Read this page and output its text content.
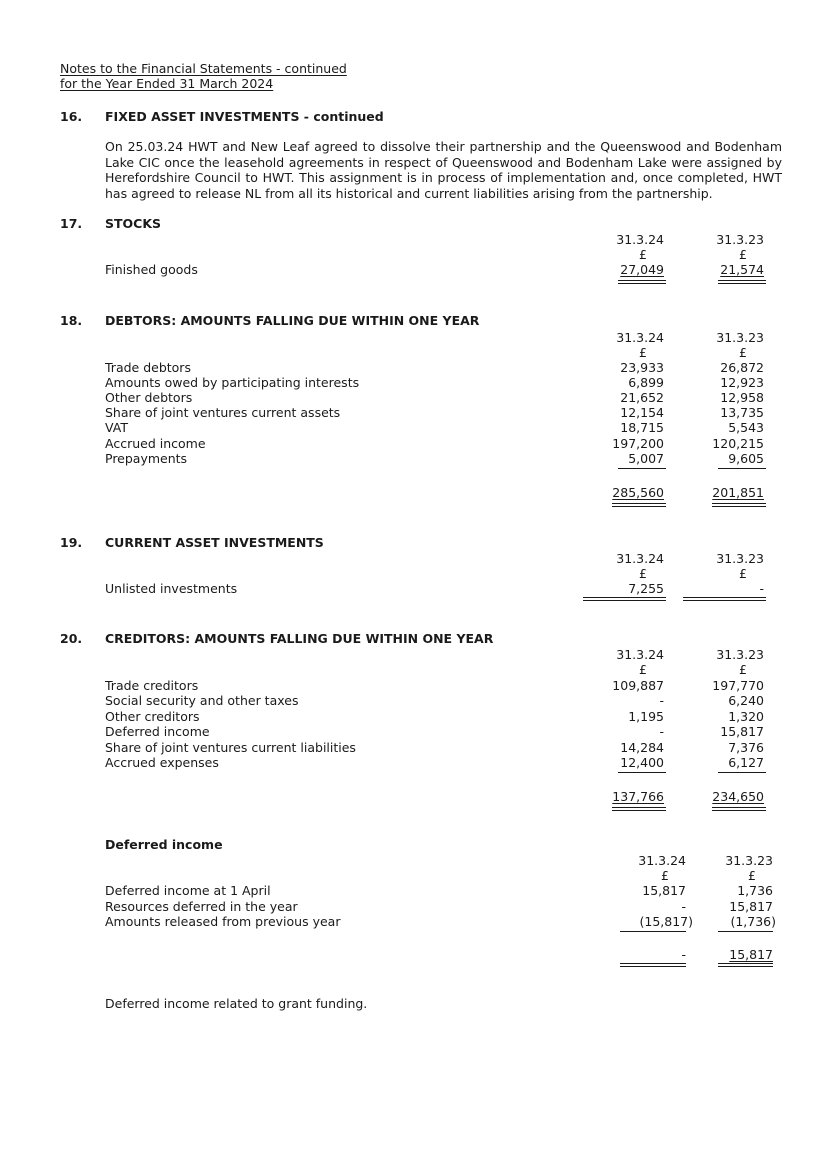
Notes to the Financial Statements - continued
for the Year Ended 31 March 2024
16. FIXED ASSET INVESTMENTS - continued
On 25.03.24 HWT and New Leaf agreed to dissolve their partnership and the Queenswood and Bodenham Lake CIC once the leasehold agreements in respect of Queenswood and Bodenham Lake were assigned by Herefordshire Council to HWT. This assignment is in process of implementation and, once completed, HWT has agreed to release NL from all its historical and current liabilities arising from the partnership.
17. STOCKS
31.3.24	31.3.23
£	£
Finished goods	27,049	21,574
18. DEBTORS: AMOUNTS FALLING DUE WITHIN ONE YEAR
31.3.24	31.3.23
£	£
Trade debtors	23,933	26,872
Amounts owed by participating interests	6,899	12,923
Other debtors	21,652	12,958
Share of joint ventures current assets	12,154	13,735
VAT	18,715	5,543
Accrued income	197,200	120,215
Prepayments	5,007	9,605
285,560	201,851
19. CURRENT ASSET INVESTMENTS
31.3.24	31.3.23
£	£
Unlisted investments	7,255	-
20. CREDITORS: AMOUNTS FALLING DUE WITHIN ONE YEAR
31.3.24	31.3.23
£	£
Trade creditors	109,887	197,770
Social security and other taxes	-	6,240
Other creditors	1,195	1,320
Deferred income	-	15,817
Share of joint ventures current liabilities	14,284	7,376
Accrued expenses	12,400	6,127
137,766	234,650
Deferred income
31.3.24	31.3.23
£	£
Deferred income at 1 April	15,817	1,736
Resources deferred in the year	-	15,817
Amounts released from previous year	(15,817)	(1,736)
-	15,817
Deferred income related to grant funding.
